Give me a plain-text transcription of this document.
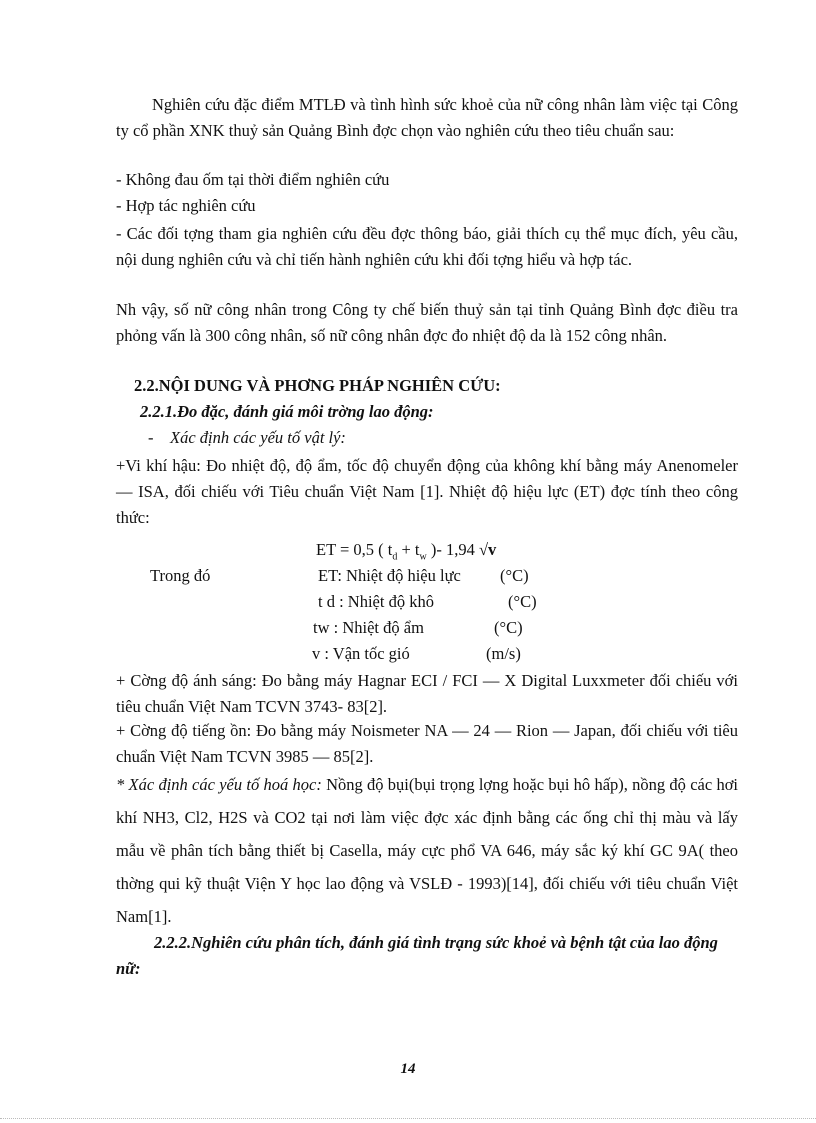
Nghiên cứu đặc điểm MTLĐ và tình hình sức khoẻ của nữ công nhân làm việc tại Công ty cổ phần XNK thuỷ sản Quảng Bình đợc chọn vào nghiên cứu theo tiêu chuẩn sau:

- Không đau ốm tại thời điểm nghiên cứu

- Hợp tác nghiên cứu

- Các đối tợng tham gia nghiên cứu đều đợc thông báo, giải thích cụ thể mục đích, yêu cầu, nội dung nghiên cứu và chỉ tiến hành nghiên cứu khi đối tợng hiểu và hợp tác.

Nh vậy, số nữ công nhân trong Công ty chế biến thuỷ sản tại tỉnh Quảng Bình đợc điều tra phỏng vấn là 300 công nhân, số nữ công nhân đợc đo nhiệt độ da là 152 công nhân.

2.2.NỘI DUNG VÀ PHƠNG PHÁP NGHIÊN CỨU:

2.2.1.Đo đặc, đánh giá môi trờng lao động:

-    Xác định các yếu tố vật lý:

+Vi khí hậu: Đo nhiệt độ, độ ẩm, tốc độ chuyển động của không khí bằng máy Anenomeler — ISA, đối chiếu với Tiêu chuẩn Việt Nam [1]. Nhiệt độ hiệu lực (ET) đợc tính theo công thức:

ET = 0,5 ( $t_d + t_w$ )- 1,94 √v

Trong đó	ET: Nhiệt độ hiệu lực (°C)

t d : Nhiệt độ khô	(°C)

tw : Nhiệt độ ẩm	(°C)

v : Vận tốc gió	(m/s)

+ Cờng độ ánh sáng: Đo bằng máy Hagnar ECI / FCI — X Digital Luxxmeter đối chiếu với tiêu chuẩn Việt Nam TCVN 3743- 83[2].

+ Cờng độ tiếng ồn: Đo bằng máy Noismeter NA — 24 — Rion — Japan, đối chiếu với tiêu chuẩn Việt Nam TCVN 3985 — 85[2].

* Xác định các yếu tố hoá học: Nồng độ bụi(bụi trọng lợng hoặc bụi hô hấp), nồng độ các hơi khí NH3, Cl2, H2S và CO2 tại nơi làm việc đợc xác định bằng các ống chỉ thị màu và lấy mẫu về phân tích bằng thiết bị Casella, máy cực phổ VA 646, máy sắc ký khí GC 9A( theo thờng qui kỹ thuật Viện Y học lao động và VSLĐ - 1993)[14], đối chiếu với tiêu chuẩn Việt Nam[1].

2.2.2.Nghiên cứu phân tích, đánh giá tình trạng sức khoẻ và bệnh tật của lao động nữ:

14
